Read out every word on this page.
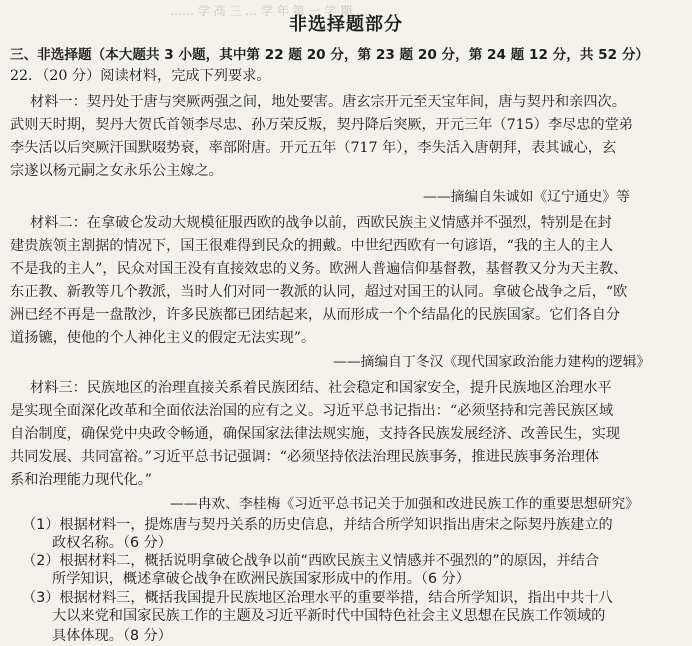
…… 学 高 三 … 学 年 第 一 学 期 …
非选择题部分
三、非选择题（本大题共 3 小题，其中第 22 题 20 分，第 23 题 20 分，第 24 题 12 分，共 52 分）
22．（20 分）阅读材料，完成下列要求。
材料一：契丹处于唐与突厥两强之间，地处要害。唐玄宗开元至天宝年间，唐与契丹和亲四次。
武则天时期，契丹大贺氏首领李尽忠、孙万荣反叛，契丹降后突厥，开元三年（715）李尽忠的堂弟
李失活以后突厥汗国默啜势衰，率部附唐。开元五年（717 年），李失活入唐朝拜，表其诚心，玄
宗遂以杨元嗣之女永乐公主嫁之。
——摘编自朱诚如《辽宁通史》等
材料二：在拿破仑发动大规模征服西欧的战争以前，西欧民族主义情感并不强烈，特别是在封
建贵族领主割据的情况下，国王很难得到民众的拥戴。中世纪西欧有一句谚语，“我的主人的主人
不是我的主人”，民众对国王没有直接效忠的义务。欧洲人普遍信仰基督教，基督教又分为天主教、
东正教、新教等几个教派，当时人们对同一教派的认同，超过对国王的认同。拿破仑战争之后，“欧
洲已经不再是一盘散沙，许多民族都已团结起来，从而形成一个个结晶化的民族国家。它们各自分
道扬镳，使他的个人神化主义的假定无法实现”。
——摘编自丁冬汉《现代国家政治能力建构的逻辑》
材料三：民族地区的治理直接关系着民族团结、社会稳定和国家安全，提升民族地区治理水平
是实现全面深化改革和全面依法治国的应有之义。习近平总书记指出：“必须坚持和完善民族区域
自治制度，确保党中央政令畅通，确保国家法律法规实施，支持各民族发展经济、改善民生，实现
共同发展、共同富裕。”习近平总书记强调：“必须坚持依法治理民族事务，推进民族事务治理体
系和治理能力现代化。”
——冉欢、李桂梅《习近平总书记关于加强和改进民族工作的重要思想研究》
（1）根据材料一，提炼唐与契丹关系的历史信息，并结合所学知识指出唐宋之际契丹族建立的
政权名称。（6 分）
（2）根据材料二，概括说明拿破仑战争以前“西欧民族主义情感并不强烈的”的原因，并结合
所学知识，概述拿破仑战争在欧洲民族国家形成中的作用。（6 分）
（3）根据材料三，概括我国提升民族地区治理水平的重要举措，结合所学知识，指出中共十八
大以来党和国家民族工作的主题及习近平新时代中国特色社会主义思想在民族工作领域的
具体体现。（8 分）
